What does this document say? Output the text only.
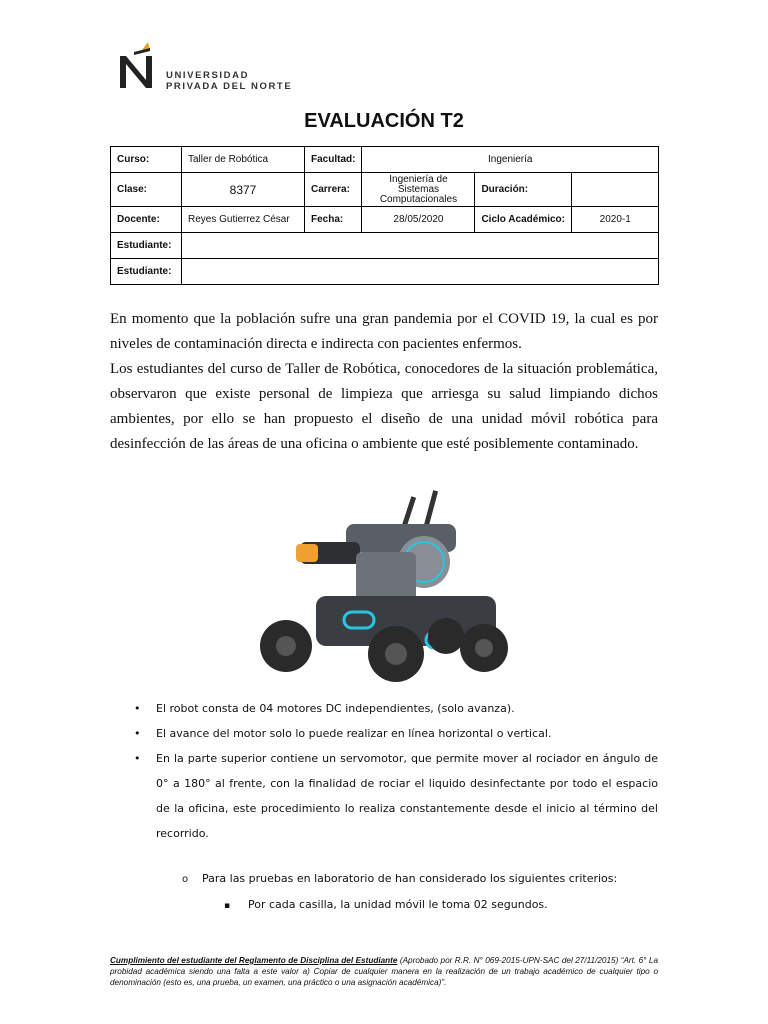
UNIVERSIDAD
PRIVADA DEL NORTE
EVALUACIÓN T2
Curso:	Taller de Robótica	Facultad:	Ingeniería		
Clase:	8377	Carrera:	Ingeniería de Sistemas Computacionales	Duración:	
Docente:	Reyes Gutierrez César	Fecha:	28/05/2020	Ciclo Académico:	2020-1
Estudiante:					
Estudiante:					
En momento que la población sufre una gran pandemia por el COVID 19, la cual es por niveles de contaminación directa e indirecta con pacientes enfermos.
Los estudiantes del curso de Taller de Robótica, conocedores de la situación problemática, observaron que existe personal de limpieza que arriesga su salud limpiando dichos ambientes, por ello se han propuesto el diseño de una unidad móvil robótica para desinfección de las áreas de una oficina o ambiente que esté posiblemente contaminado.
• El robot consta de 04 motores DC independientes, (solo avanza).
• El avance del motor solo lo puede realizar en línea horizontal o vertical.
• En la parte superior contiene un servomotor, que permite mover al rociador en ángulo de 0° a 180° al frente, con la finalidad de rociar el liquido desinfectante por todo el espacio de la oficina, este procedimiento lo realiza constantemente desde el inicio al término del recorrido.
o Para las pruebas en laboratorio de han considerado los siguientes criterios:
▪ Por cada casilla, la unidad móvil le toma 02 segundos.
Cumplimiento del estudiante del Reglamento de Disciplina del Estudiante (Aprobado por R.R. N° 069-2015-UPN-SAC del 27/11/2015) “Art. 6° La probidad académica siendo una falta a este valor a) Copiar de cualquier manera en la realización de un trabajo académico de cualquier tipo o denominación (esto es, una prueba, un examen, una práctico o una asignación académica)”.
